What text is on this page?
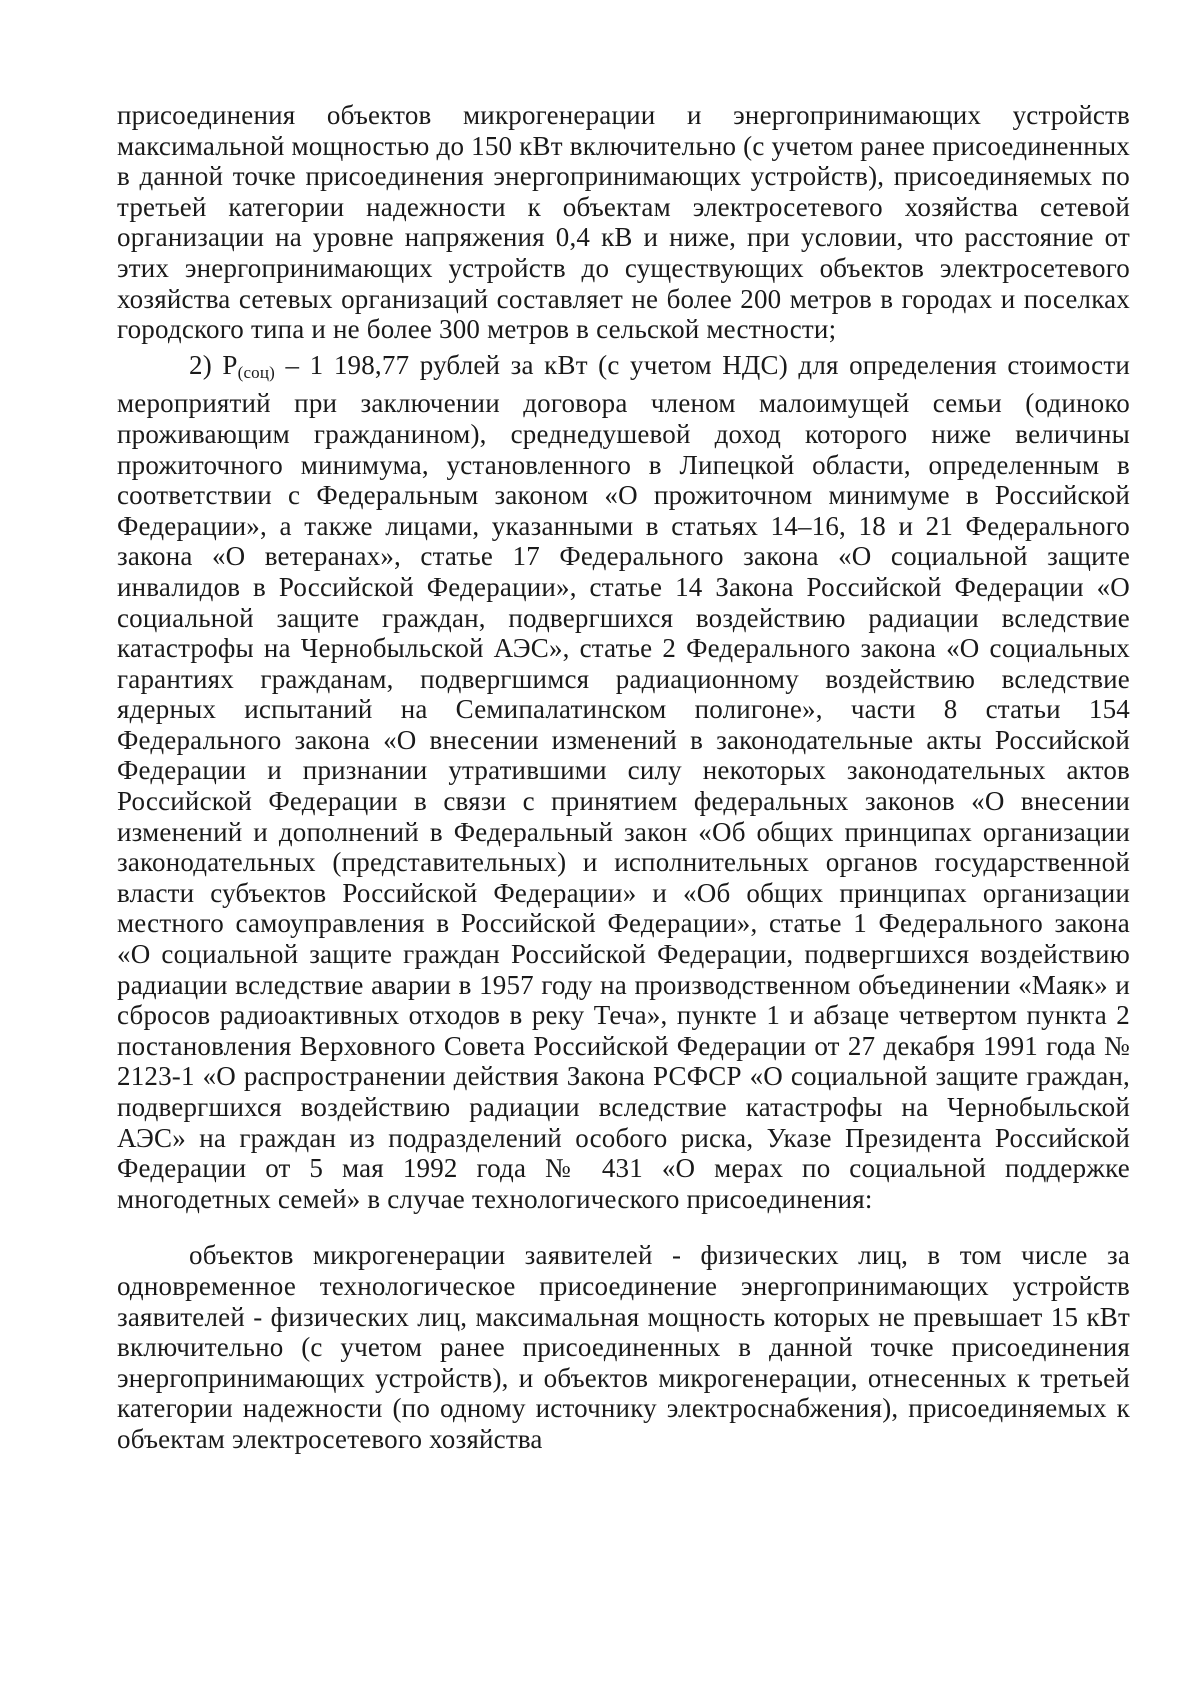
присоединения объектов микрогенерации и энергопринимающих устройств максимальной мощностью до 150 кВт включительно (с учетом ранее присоединенных в данной точке присоединения энергопринимающих устройств), присоединяемых по третьей категории надежности к объектам электросетевого хозяйства сетевой организации на уровне напряжения 0,4 кВ и ниже, при условии, что расстояние от этих энергопринимающих устройств до существующих объектов электросетевого хозяйства сетевых организаций составляет не более 200 метров в городах и поселках городского типа и не более 300 метров в сельской местности;

2) $Р_{(соц)} - 1$ 198,77 рублей за кВт (с учетом НДС) для определения стоимости мероприятий при заключении договора членом малоимущей семьи (одиноко проживающим гражданином), среднедушевой доход которого ниже величины прожиточного минимума, установленного в Липецкой области, определенным в соответствии с Федеральным законом «О прожиточном минимуме в Российской Федерации», а также лицами, указанными в статьях 14–16, 18 и 21 Федерального закона «О ветеранах», статье 17 Федерального закона «О социальной защите инвалидов в Российской Федерации», статье 14 Закона Российской Федерации «О социальной защите граждан, подвергшихся воздействию радиации вследствие катастрофы на Чернобыльской АЭС», статье 2 Федерального закона «О социальных гарантиях гражданам, подвергшимся радиационному воздействию вследствие ядерных испытаний на Семипалатинском полигоне», части 8 статьи 154 Федерального закона «О внесении изменений в законодательные акты Российской Федерации и признании утратившими силу некоторых законодательных актов Российской Федерации в связи с принятием федеральных законов «О внесении изменений и дополнений в Федеральный закон «Об общих принципах организации законодательных (представительных) и исполнительных органов государственной власти субъектов Российской Федерации» и «Об общих принципах организации местного самоуправления в Российской Федерации», статье 1 Федерального закона «О социальной защите граждан Российской Федерации, подвергшихся воздействию радиации вследствие аварии в 1957 году на производственном объединении «Маяк» и сбросов радиоактивных отходов в реку Теча», пункте 1 и абзаце четвертом пункта 2 постановления Верховного Совета Российской Федерации от 27 декабря 1991 года № 2123-1 «О распространении действия Закона РСФСР «О социальной защите граждан, подвергшихся воздействию радиации вследствие катастрофы на Чернобыльской АЭС» на граждан из подразделений особого риска, Указе Президента Российской Федерации от 5 мая 1992 года № 431 «О мерах по социальной поддержке многодетных семей» в случае технологического присоединения:

объектов микрогенерации заявителей - физических лиц, в том числе за одновременное технологическое присоединение энергопринимающих устройств заявителей - физических лиц, максимальная мощность которых не превышает 15 кВт включительно (с учетом ранее присоединенных в данной точке присоединения энергопринимающих устройств), и объектов микрогенерации, отнесенных к третьей категории надежности (по одному источнику электроснабжения), присоединяемых к объектам электросетевого хозяйства
